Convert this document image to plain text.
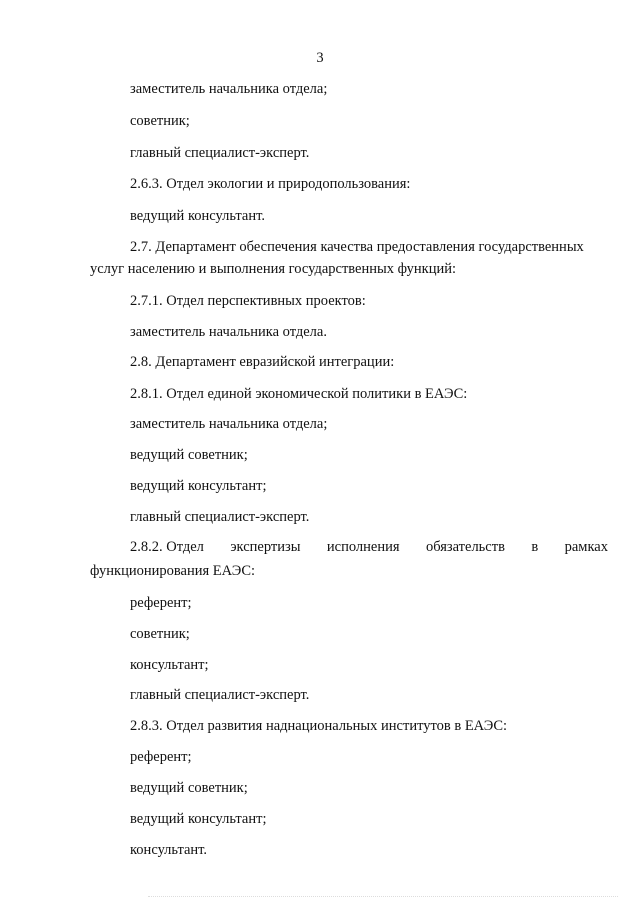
3
заместитель начальника отдела;
советник;
главный специалист-эксперт.
2.6.3. Отдел экологии и природопользования:
ведущий консультант.
2.7. Департамент обеспечения качества предоставления государственных
услуг населению и выполнения государственных функций:
2.7.1. Отдел перспективных проектов:
заместитель начальника отдела.
2.8. Департамент евразийской интеграции:
2.8.1. Отдел единой экономической политики в ЕАЭС:
заместитель начальника отдела;
ведущий советник;
ведущий консультант;
главный специалист-эксперт.
2.8.2. Отдел экспертизы исполнения обязательств в рамках
функционирования ЕАЭС:
референт;
советник;
консультант;
главный специалист-эксперт.
2.8.3. Отдел развития наднациональных институтов в ЕАЭС:
референт;
ведущий советник;
ведущий консультант;
консультант.
